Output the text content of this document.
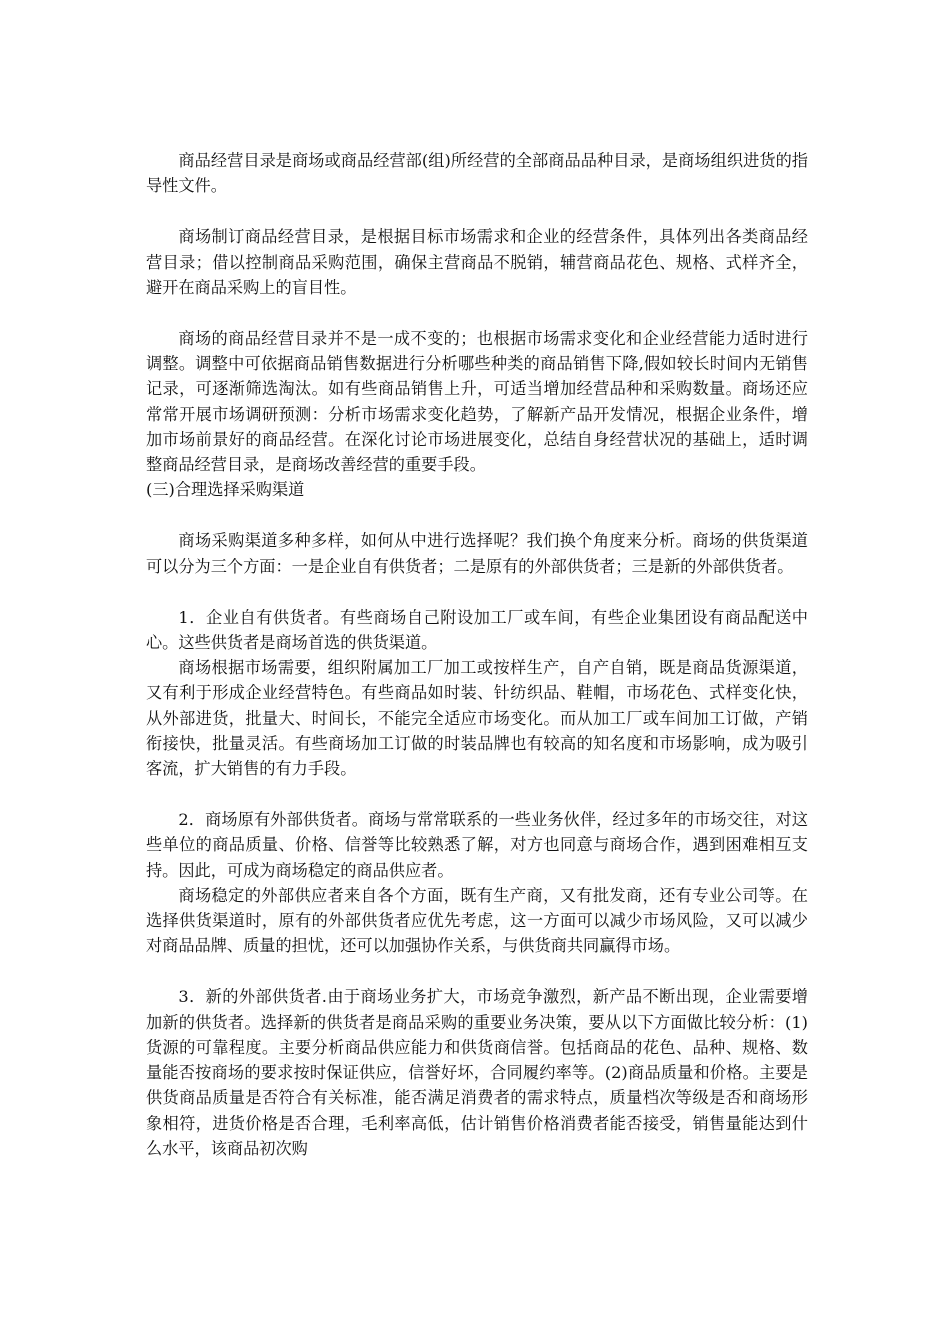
商品经营目录是商场或商品经营部(组)所经营的全部商品品种目录，是商场组织进货的指导性文件。

商场制订商品经营目录，是根据目标市场需求和企业的经营条件，具体列出各类商品经营目录；借以控制商品采购范围，确保主营商品不脱销，辅营商品花色、规格、式样齐全，避开在商品采购上的盲目性。

商场的商品经营目录并不是一成不变的；也根据市场需求变化和企业经营能力适时进行调整。调整中可依据商品销售数据进行分析哪些种类的商品销售下降,假如较长时间内无销售记录，可逐渐筛选淘汰。如有些商品销售上升，可适当增加经营品种和采购数量。商场还应常常开展市场调研预测：分析市场需求变化趋势，了解新产品开发情况，根据企业条件，增加市场前景好的商品经营。在深化讨论市场进展变化，总结自身经营状况的基础上，适时调整商品经营目录，是商场改善经营的重要手段。

(三)合理选择采购渠道

商场采购渠道多种多样，如何从中进行选择呢？我们换个角度来分析。商场的供货渠道可以分为三个方面：一是企业自有供货者；二是原有的外部供货者；三是新的外部供货者。

1．企业自有供货者。有些商场自己附设加工厂或车间，有些企业集团设有商品配送中心。这些供货者是商场首选的供货渠道。

商场根据市场需要，组织附属加工厂加工或按样生产，自产自销，既是商品货源渠道，又有利于形成企业经营特色。有些商品如时装、针纺织品、鞋帽，市场花色、式样变化快，从外部进货，批量大、时间长，不能完全适应市场变化。而从加工厂或车间加工订做，产销衔接快，批量灵活。有些商场加工订做的时装品牌也有较高的知名度和市场影响，成为吸引客流，扩大销售的有力手段。

2．商场原有外部供货者。商场与常常联系的一些业务伙伴，经过多年的市场交往，对这些单位的商品质量、价格、信誉等比较熟悉了解，对方也同意与商场合作，遇到困难相互支持。因此，可成为商场稳定的商品供应者。

商场稳定的外部供应者来自各个方面，既有生产商，又有批发商，还有专业公司等。在选择供货渠道时，原有的外部供货者应优先考虑，这一方面可以减少市场风险，又可以减少对商品品牌、质量的担忧，还可以加强协作关系，与供货商共同赢得市场。

3．新的外部供货者.由于商场业务扩大，市场竞争激烈，新产品不断出现，企业需要增加新的供货者。选择新的供货者是商品采购的重要业务决策，要从以下方面做比较分析：(1)货源的可靠程度。主要分析商品供应能力和供货商信誉。包括商品的花色、品种、规格、数量能否按商场的要求按时保证供应，信誉好坏，合同履约率等。(2)商品质量和价格。主要是供货商品质量是否符合有关标准，能否满足消费者的需求特点，质量档次等级是否和商场形象相符，进货价格是否合理，毛利率高低，估计销售价格消费者能否接受，销售量能达到什么水平，该商品初次购
